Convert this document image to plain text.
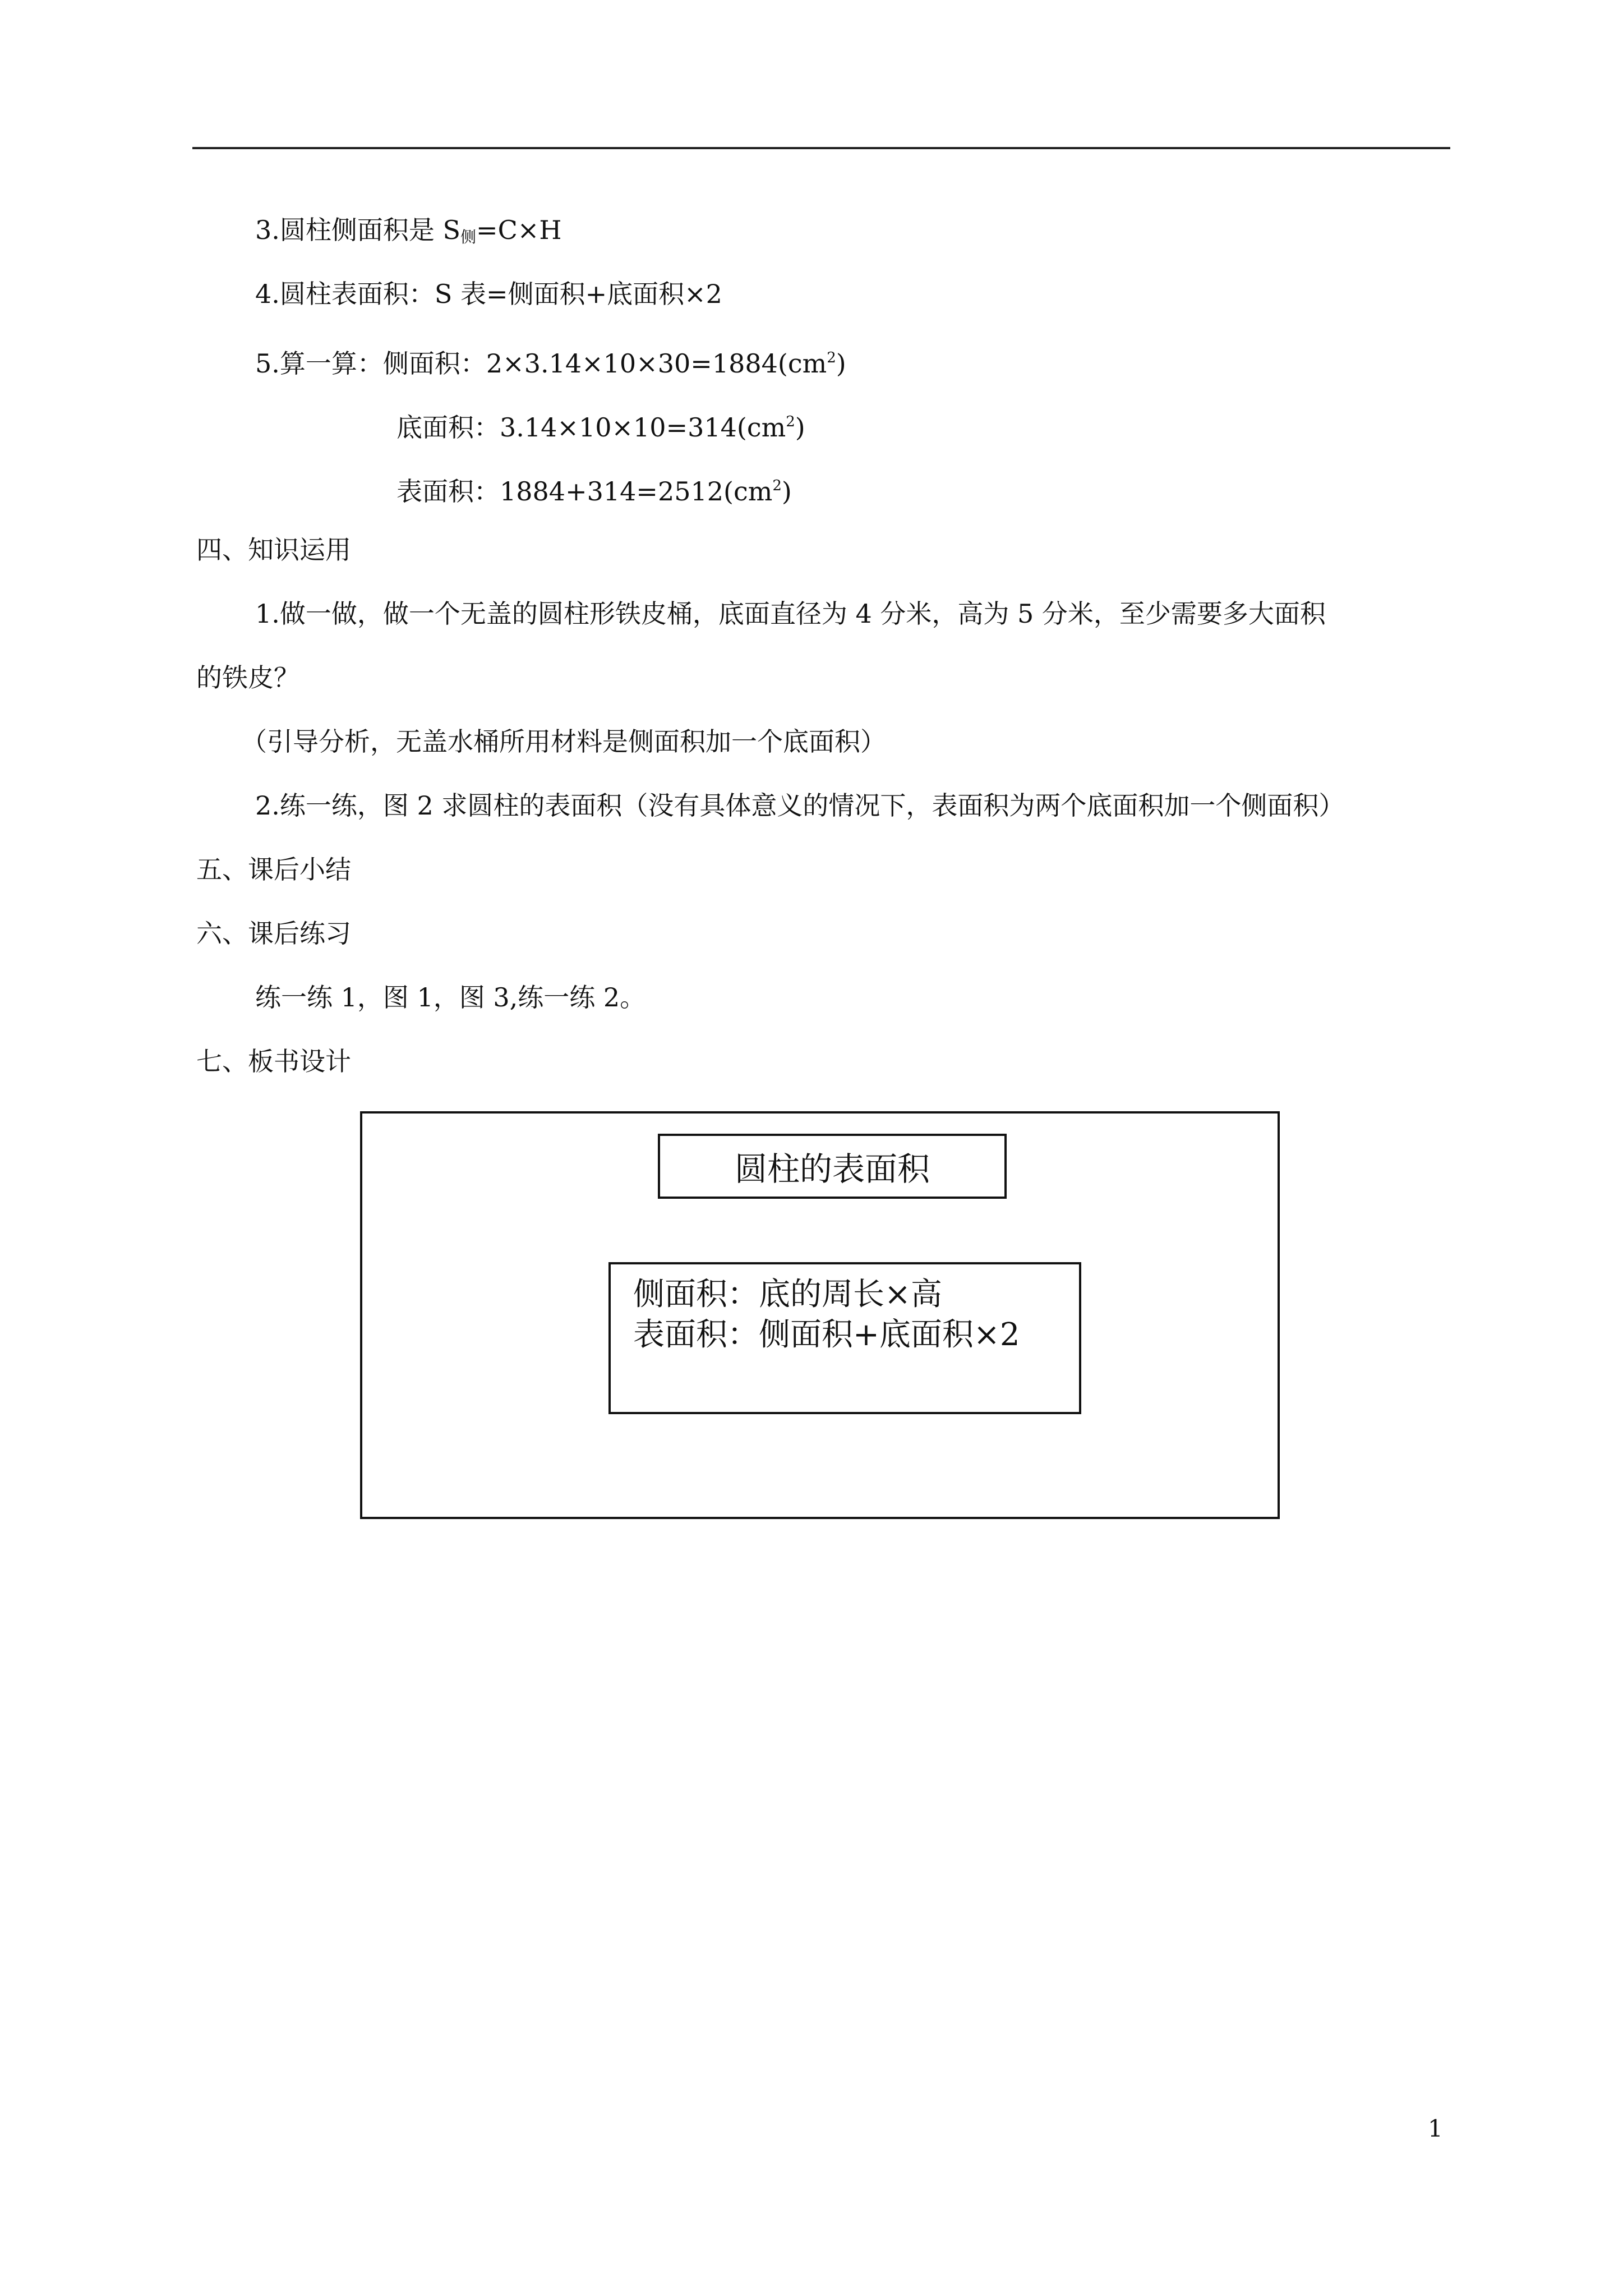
3.圆柱侧面积是 $S_侧=C\times H$
4.圆柱表面积：S 表=侧面积+底面积×2
5.算一算：侧面积：$2\times 3.14\times 10\times 30=1884(cm^2)$
底面积：$3.14\times 10\times 10=314(cm^2)$
表面积：$1884+314=2512(cm^2)$
四、知识运用
1.做一做，做一个无盖的圆柱形铁皮桶，底面直径为 4 分米，高为 5 分米，至少需要多大面积
的铁皮？
（引导分析，无盖水桶所用材料是侧面积加一个底面积）
2.练一练，图 2 求圆柱的表面积（没有具体意义的情况下，表面积为两个底面积加一个侧面积）
五、课后小结
六、课后练习
练一练 1，图 1，图 3,练一练 2。
七、板书设计
圆柱的表面积
侧面积：底的周长×高
表面积：侧面积+底面积×2
1
